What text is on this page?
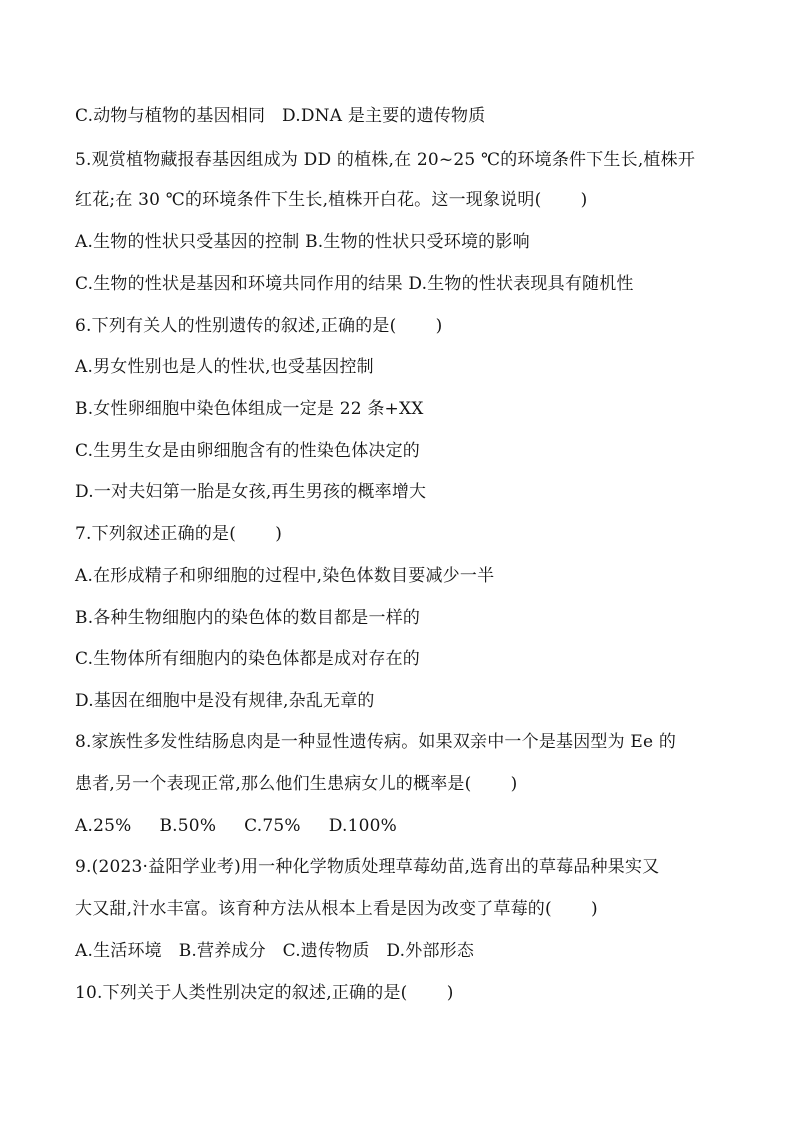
C.动物与植物的基因相同   D.DNA 是主要的遗传物质
5.观赏植物藏报春基因组成为 DD 的植株,在 20~25 ℃的环境条件下生长,植株开
红花;在 30 ℃的环境条件下生长,植株开白花。这一现象说明(       )
A.生物的性状只受基因的控制 B.生物的性状只受环境的影响
C.生物的性状是基因和环境共同作用的结果 D.生物的性状表现具有随机性
6.下列有关人的性别遗传的叙述,正确的是(       )
A.男女性别也是人的性状,也受基因控制
B.女性卵细胞中染色体组成一定是 22 条+XX
C.生男生女是由卵细胞含有的性染色体决定的
D.一对夫妇第一胎是女孩,再生男孩的概率增大
7.下列叙述正确的是(       )
A.在形成精子和卵细胞的过程中,染色体数目要减少一半
B.各种生物细胞内的染色体的数目都是一样的
C.生物体所有细胞内的染色体都是成对存在的
D.基因在细胞中是没有规律,杂乱无章的
8.家族性多发性结肠息肉是一种显性遗传病。如果双亲中一个是基因型为 Ee 的
患者,另一个表现正常,那么他们生患病女儿的概率是(       )
A.25%     B.50%     C.75%     D.100%
9.(2023·益阳学业考)用一种化学物质处理草莓幼苗,选育出的草莓品种果实又
大又甜,汁水丰富。该育种方法从根本上看是因为改变了草莓的(       )
A.生活环境   B.营养成分   C.遗传物质   D.外部形态
10.下列关于人类性别决定的叙述,正确的是(       )
